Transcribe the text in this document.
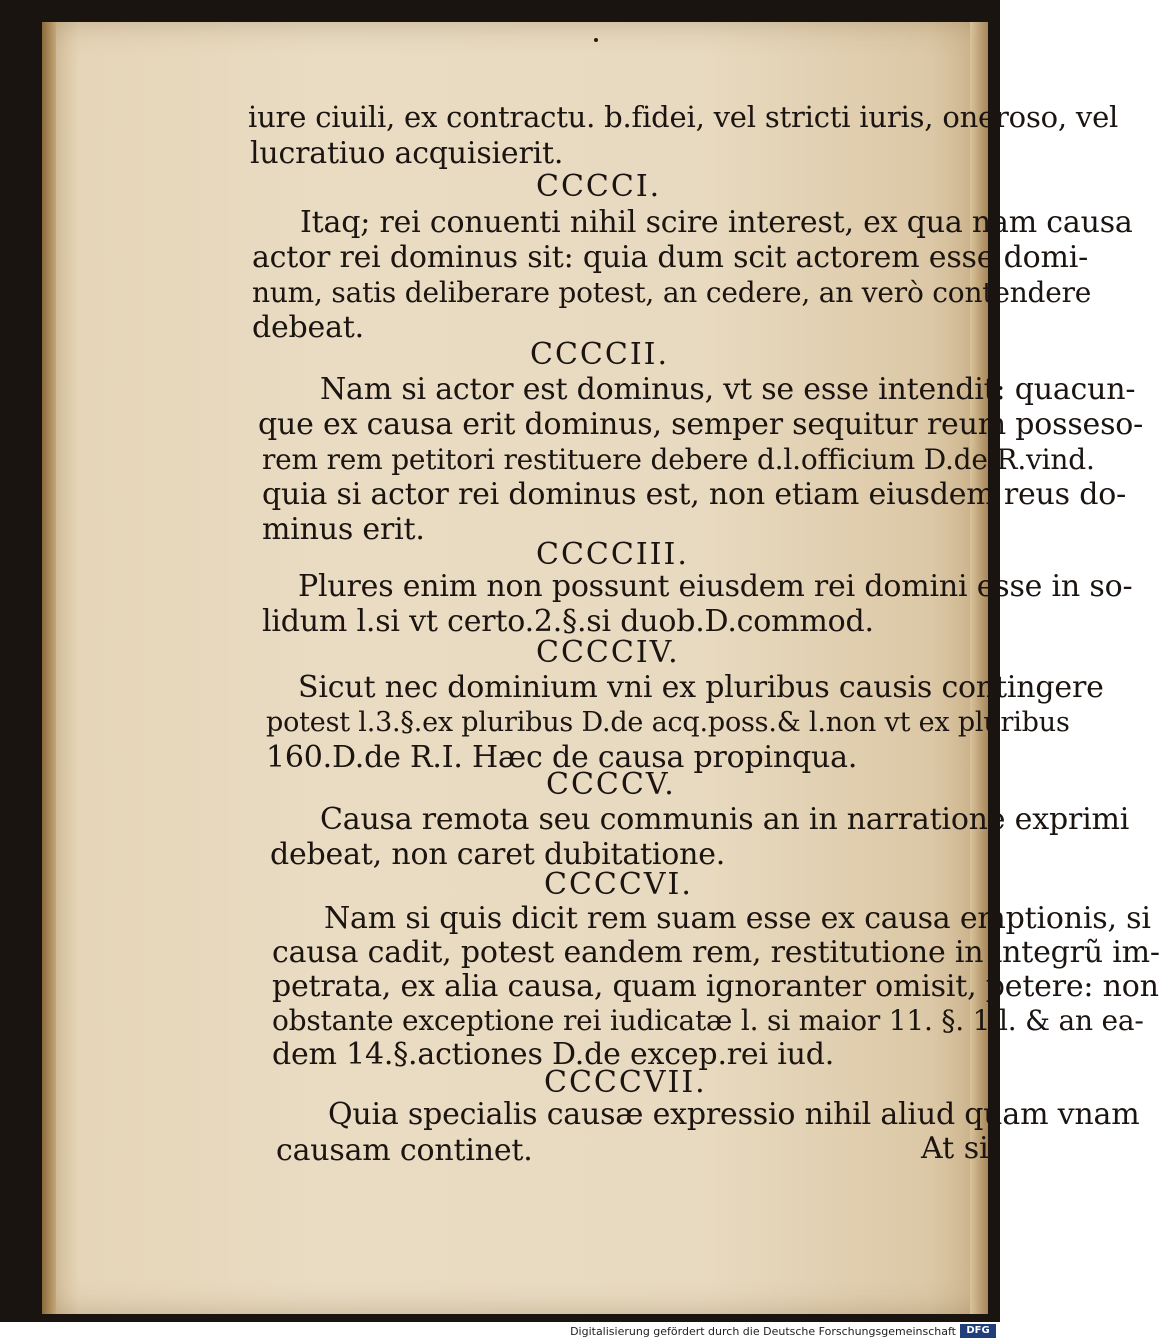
iure ciuili, ex contractu. b.fidei, vel stricti iuris, oneroso, vel
lucratiuo acquisierit.
CCCCI.
Itaq; rei conuenti nihil scire interest, ex qua nam causa
actor rei dominus sit: quia dum scit actorem esse domi-
num, satis deliberare potest, an cedere, an verò contendere
debeat.
CCCCII.
Nam si actor est dominus, vt se esse intendit: quacun-
que ex causa erit dominus, semper sequitur reum posseso-
rem rem petitori restituere debere d.l.officium D.de R.vind.
quia si actor rei dominus est, non etiam eiusdem reus do-
minus erit.
CCCCIII.
Plures enim non possunt eiusdem rei domini esse in so-
lidum l.si vt certo.2.§.si duob.D.commod.
CCCCIV.
Sicut nec dominium vni ex pluribus causis contingere
potest l.3.§.ex pluribus D.de acq.poss.& l.non vt ex pluribus
160.D.de R.I. Hæc de causa propinqua.
CCCCV.
Causa remota seu communis an in narratione exprimi
debeat, non caret dubitatione.
CCCCVI.
Nam si quis dicit rem suam esse ex causa emptionis, si
causa cadit, potest eandem rem, restitutione in integrũ im-
petrata, ex alia causa, quam ignoranter omisit, petere: non
obstante exceptione rei iudicatæ l. si maior 11. §. 1.l. & an ea-
dem 14.§.actiones D.de excep.rei iud.
CCCCVII.
Quia specialis causæ expressio nihil aliud quam vnam
causam continet.	At si
Digitalisierung gefördert durch die Deutsche Forschungsgemeinschaft	DFG
